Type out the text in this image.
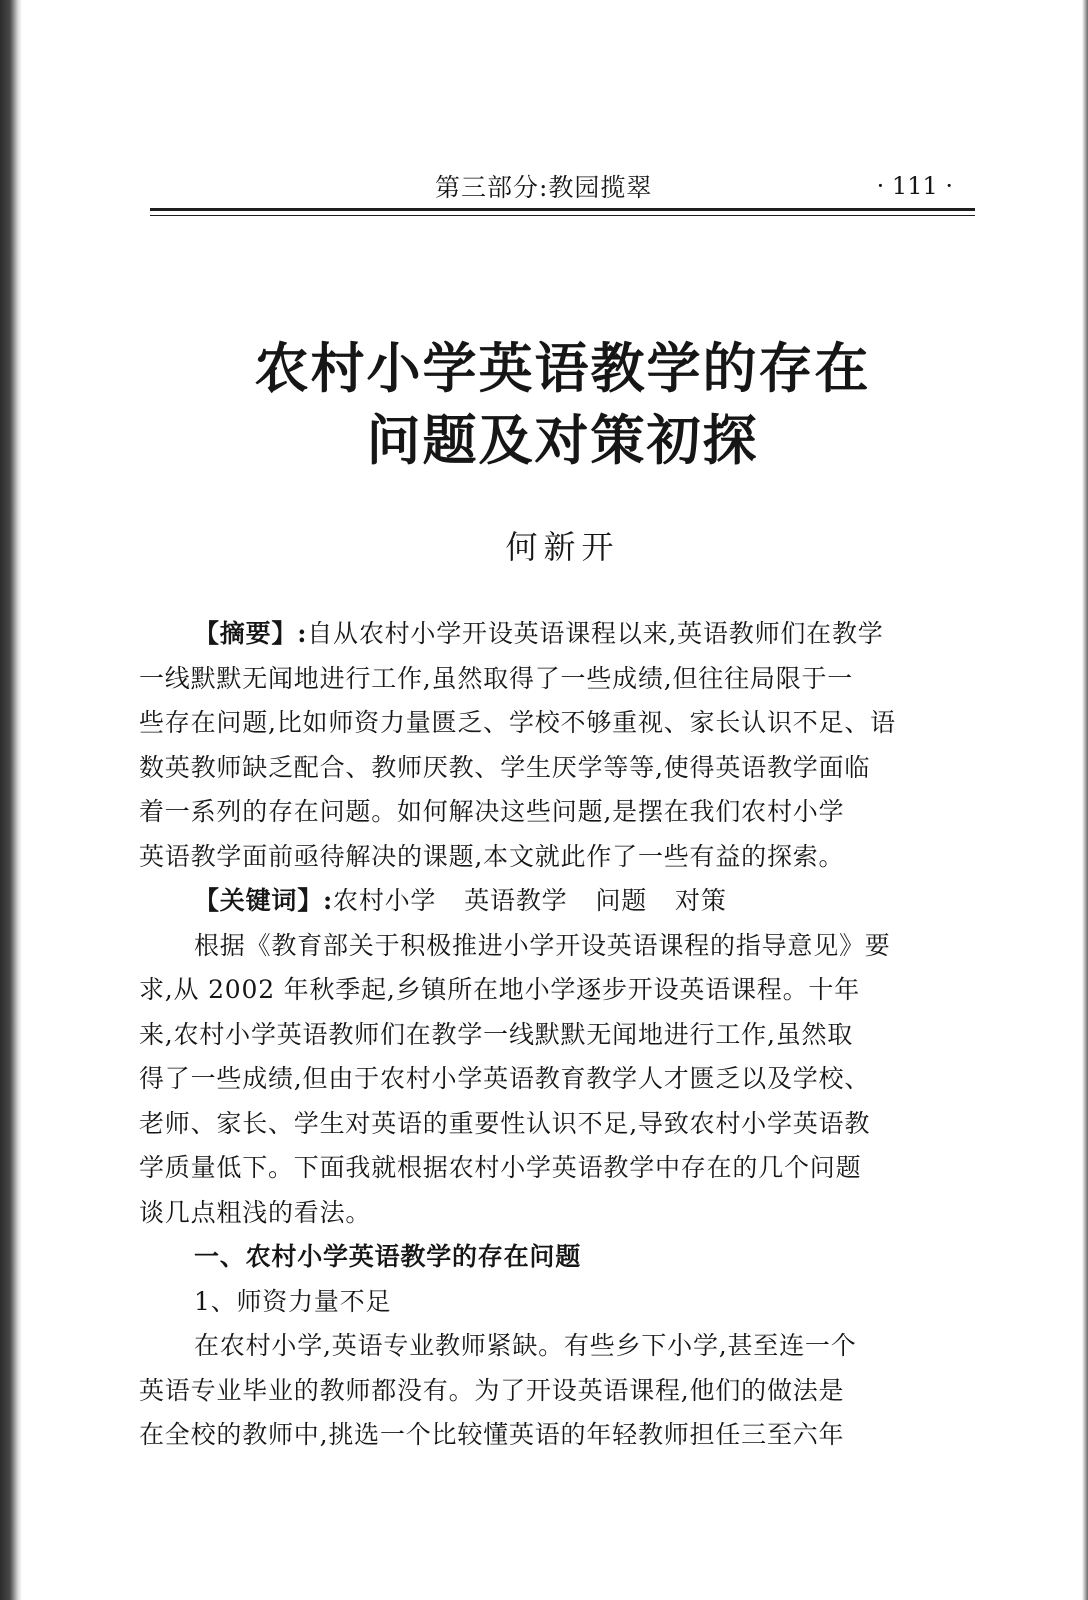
第三部分:教园揽翠	· 111 ·
农村小学英语教学的存在
问题及对策初探
何新开
【摘要】:自从农村小学开设英语课程以来,英语教师们在教学
一线默默无闻地进行工作,虽然取得了一些成绩,但往往局限于一
些存在问题,比如师资力量匮乏、学校不够重视、家长认识不足、语
数英教师缺乏配合、教师厌教、学生厌学等等,使得英语教学面临
着一系列的存在问题。如何解决这些问题,是摆在我们农村小学
英语教学面前亟待解决的课题,本文就此作了一些有益的探索。
【关键词】:农村小学 英语教学 问题 对策
根据《教育部关于积极推进小学开设英语课程的指导意见》要
求,从 2002 年秋季起,乡镇所在地小学逐步开设英语课程。十年
来,农村小学英语教师们在教学一线默默无闻地进行工作,虽然取
得了一些成绩,但由于农村小学英语教育教学人才匮乏以及学校、
老师、家长、学生对英语的重要性认识不足,导致农村小学英语教
学质量低下。下面我就根据农村小学英语教学中存在的几个问题
谈几点粗浅的看法。
一、农村小学英语教学的存在问题
1、师资力量不足
在农村小学,英语专业教师紧缺。有些乡下小学,甚至连一个
英语专业毕业的教师都没有。为了开设英语课程,他们的做法是
在全校的教师中,挑选一个比较懂英语的年轻教师担任三至六年
